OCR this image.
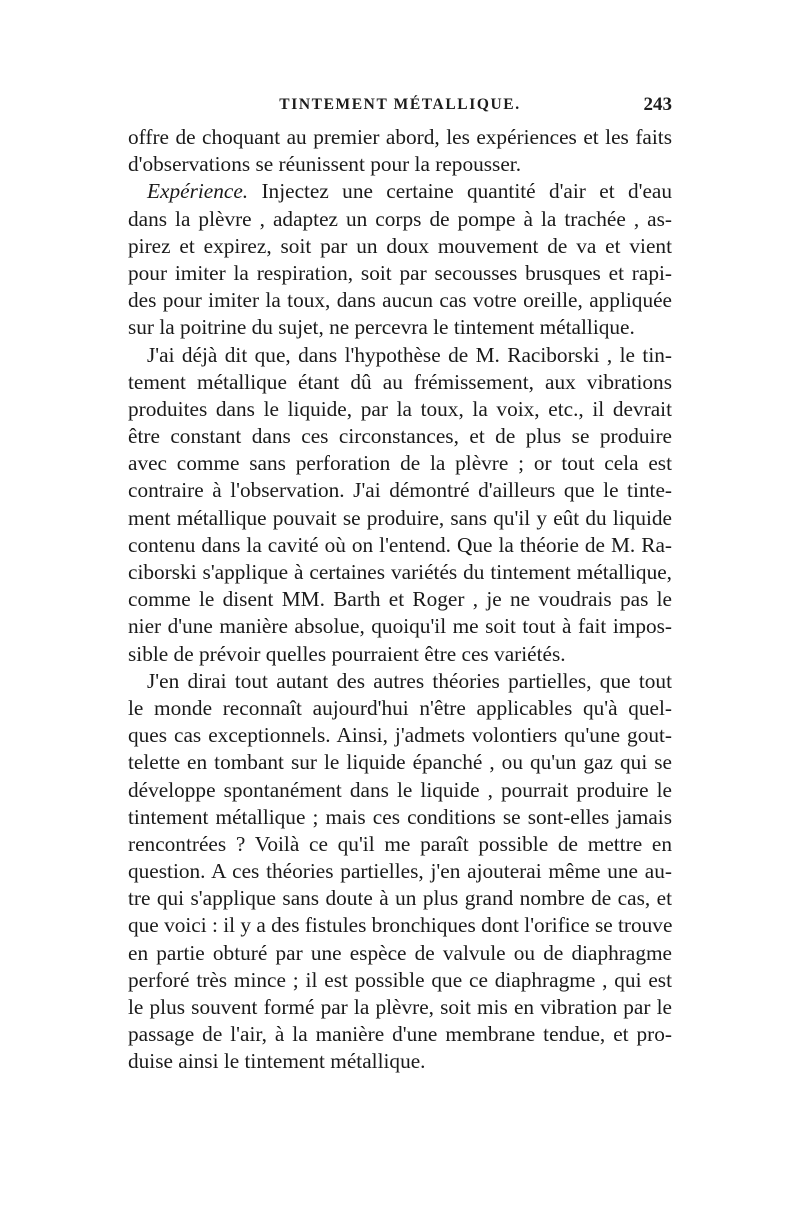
TINTEMENT MÉTALLIQUE.	243
offre de choquant au premier abord, les expériences et les faits
d'observations se réunissent pour la repousser.
Expérience. Injectez une certaine quantité d'air et d'eau
dans la plèvre , adaptez un corps de pompe à la trachée , as-
pirez et expirez, soit par un doux mouvement de va et vient
pour imiter la respiration, soit par secousses brusques et rapi-
des pour imiter la toux, dans aucun cas votre oreille, appliquée
sur la poitrine du sujet, ne percevra le tintement métallique.
J'ai déjà dit que, dans l'hypothèse de M. Raciborski , le tin-
tement métallique étant dû au frémissement, aux vibrations
produites dans le liquide, par la toux, la voix, etc., il devrait
être constant dans ces circonstances, et de plus se produire
avec comme sans perforation de la plèvre ; or tout cela est
contraire à l'observation. J'ai démontré d'ailleurs que le tinte-
ment métallique pouvait se produire, sans qu'il y eût du liquide
contenu dans la cavité où on l'entend. Que la théorie de M. Ra-
ciborski s'applique à certaines variétés du tintement métallique,
comme le disent MM. Barth et Roger , je ne voudrais pas le
nier d'une manière absolue, quoiqu'il me soit tout à fait impos-
sible de prévoir quelles pourraient être ces variétés.
J'en dirai tout autant des autres théories partielles, que tout
le monde reconnaît aujourd'hui n'être applicables qu'à quel-
ques cas exceptionnels. Ainsi, j'admets volontiers qu'une gout-
telette en tombant sur le liquide épanché , ou qu'un gaz qui se
développe spontanément dans le liquide , pourrait produire le
tintement métallique ; mais ces conditions se sont-elles jamais
rencontrées ? Voilà ce qu'il me paraît possible de mettre en
question. A ces théories partielles, j'en ajouterai même une au-
tre qui s'applique sans doute à un plus grand nombre de cas, et
que voici : il y a des fistules bronchiques dont l'orifice se trouve
en partie obturé par une espèce de valvule ou de diaphragme
perforé très mince ; il est possible que ce diaphragme , qui est
le plus souvent formé par la plèvre, soit mis en vibration par le
passage de l'air, à la manière d'une membrane tendue, et pro-
duise ainsi le tintement métallique.
